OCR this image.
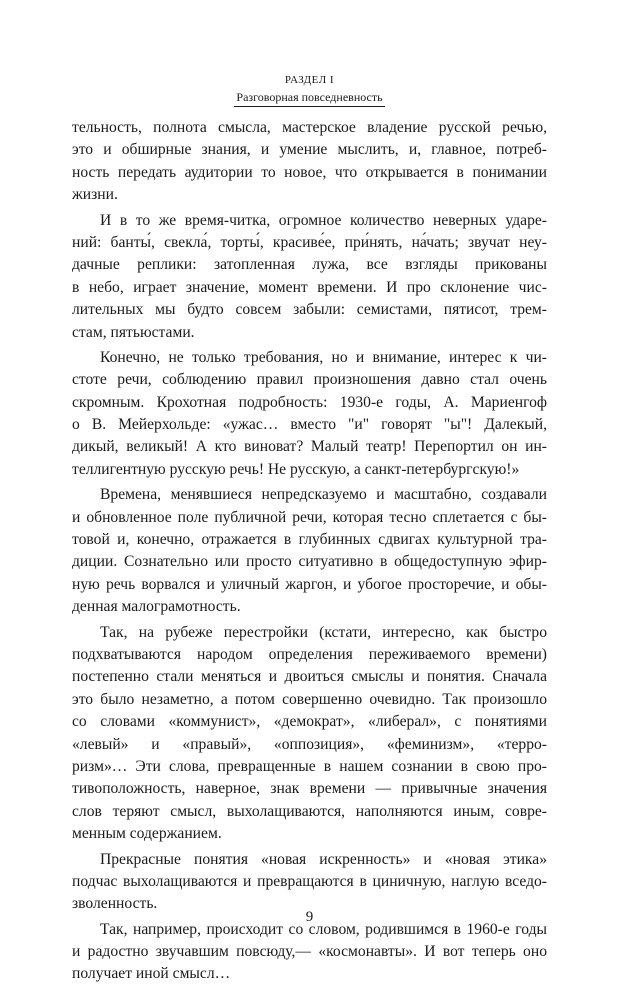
РАЗДЕЛ I
Разговорная повседневность
тельность, полнота смысла, мастерское владение русской речью,
это и обширные знания, и умение мыслить, и, главное, потреб-
ность передать аудитории то новое, что открывается в понимании
жизни.
И в то же время-читка, огромное количество неверных ударе-
ний: банты́, свекла́, торты́, красиве́е, при́нять, на́чать; звучат неу-
дачные реплики: затопленная лужа, все взгляды прикованы
в небо, играет значение, момент времени. И про склонение чис-
лительных мы будто совсем забыли: семистами, пятисот, трем-
стам, пятьюстами.
Конечно, не только требования, но и внимание, интерес к чи-
стоте речи, соблюдению правил произношения давно стал очень
скромным. Крохотная подробность: 1930-е годы, А. Мариенгоф
о В. Мейерхольде: «ужас… вместо "и" говорят "ы"! Далекый,
дикый, великый! А кто виноват? Малый театр! Перепортил он ин-
теллигентную русскую речь! Не русскую, а санкт-петербургскую!»
Времена, менявшиеся непредсказуемо и масштабно, создавали
и обновленное поле публичной речи, которая тесно сплетается с бы-
товой и, конечно, отражается в глубинных сдвигах культурной тра-
диции. Сознательно или просто ситуативно в общедоступную эфир-
ную речь ворвался и уличный жаргон, и убогое просторечие, и обы-
денная малограмотность.
Так, на рубеже перестройки (кстати, интересно, как быстро
подхватываются народом определения переживаемого времени)
постепенно стали меняться и двоиться смыслы и понятия. Сначала
это было незаметно, а потом совершенно очевидно. Так произошло
со словами «коммунист», «демократ», «либерал», с понятиями
«левый» и «правый», «оппозиция», «феминизм», «терро-
ризм»… Эти слова, превращенные в нашем сознании в свою про-
тивоположность, наверное, знак времени — привычные значения
слов теряют смысл, выхолащиваются, наполняются иным, совре-
менным содержанием.
Прекрасные понятия «новая искренность» и «новая этика»
подчас выхолащиваются и превращаются в циничную, наглую вседо-
зволенность.
Так, например, происходит со словом, родившимся в 1960-е годы
и радостно звучавшим повсюду,— «космонавты». И вот теперь оно
получает иной смысл…
9
